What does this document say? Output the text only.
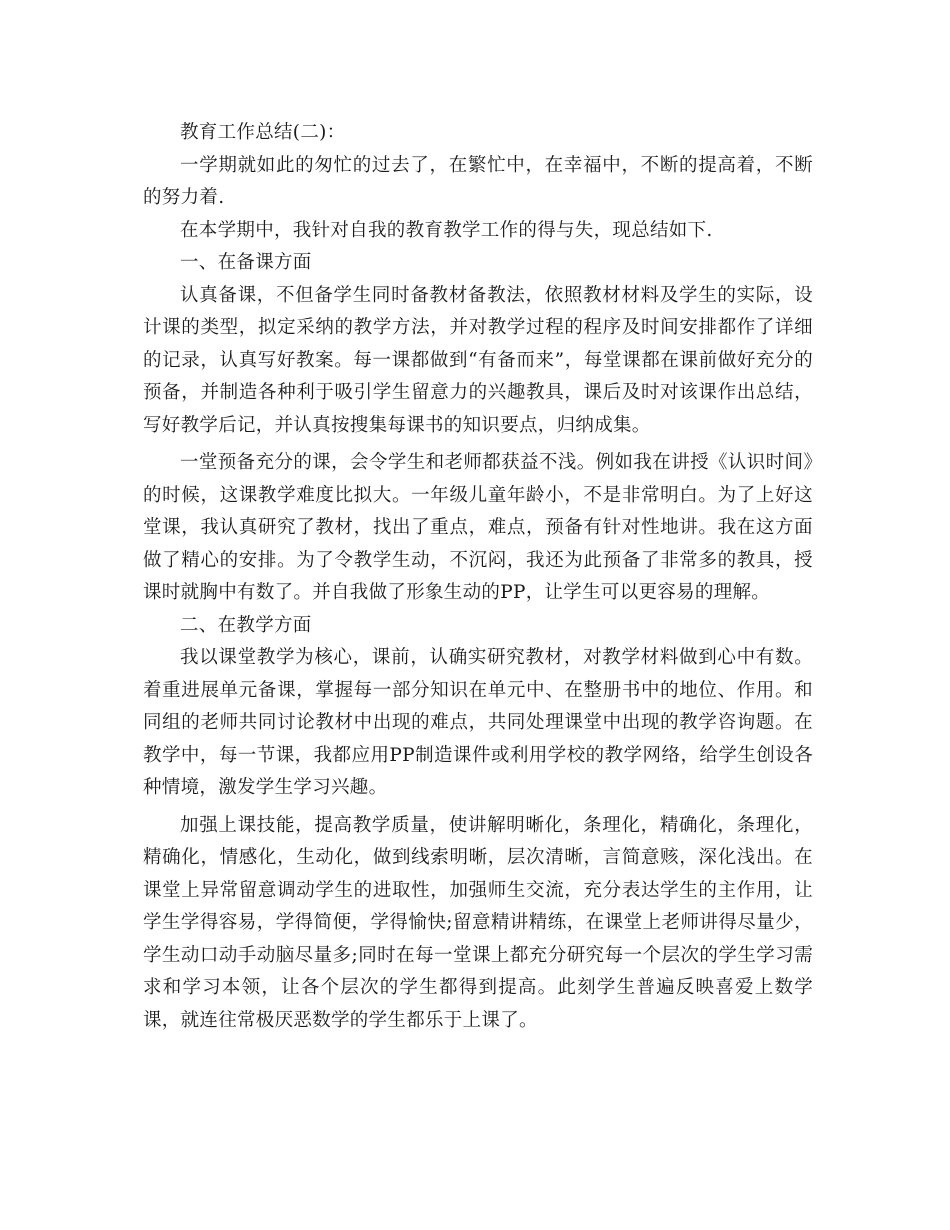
教育工作总结(二)：

一学期就如此的匆忙的过去了，在繁忙中，在幸福中，不断的提高着，不断的努力着.

在本学期中，我针对自我的教育教学工作的得与失，现总结如下.

一、在备课方面

认真备课，不但备学生同时备教材备教法，依照教材材料及学生的实际，设计课的类型，拟定采纳的教学方法，并对教学过程的程序及时间安排都作了详细的记录，认真写好教案。每一课都做到“有备而来”，每堂课都在课前做好充分的预备，并制造各种利于吸引学生留意力的兴趣教具，课后及时对该课作出总结，写好教学后记，并认真按搜集每课书的知识要点，归纳成集。

一堂预备充分的课，会令学生和老师都获益不浅。例如我在讲授《认识时间》的时候，这课教学难度比拟大。一年级儿童年龄小，不是非常明白。为了上好这堂课，我认真研究了教材，找出了重点，难点，预备有针对性地讲。我在这方面做了精心的安排。为了令教学生动，不沉闷，我还为此预备了非常多的教具，授课时就胸中有数了。并自我做了形象生动的PP，让学生可以更容易的理解。

二、在教学方面

我以课堂教学为核心，课前，认确实研究教材，对教学材料做到心中有数。着重进展单元备课，掌握每一部分知识在单元中、在整册书中的地位、作用。和同组的老师共同讨论教材中出现的难点，共同处理课堂中出现的教学咨询题。在教学中，每一节课，我都应用PP制造课件或利用学校的教学网络，给学生创设各种情境，激发学生学习兴趣。

加强上课技能，提高教学质量，使讲解明晰化，条理化，精确化，条理化，精确化，情感化，生动化，做到线索明晰，层次清晰，言简意赅，深化浅出。在课堂上异常留意调动学生的进取性，加强师生交流，充分表达学生的主作用，让学生学得容易，学得简便，学得愉快;留意精讲精练，在课堂上老师讲得尽量少，学生动口动手动脑尽量多;同时在每一堂课上都充分研究每一个层次的学生学习需求和学习本领，让各个层次的学生都得到提高。此刻学生普遍反映喜爱上数学课，就连往常极厌恶数学的学生都乐于上课了。
